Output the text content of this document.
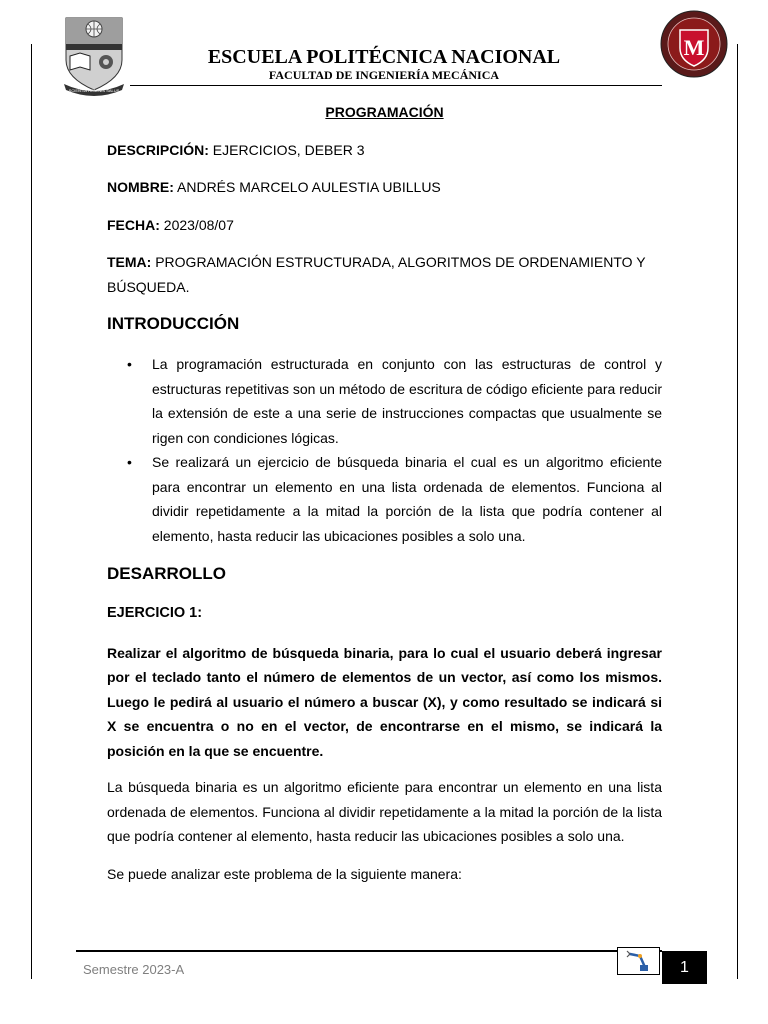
SCIENTIA HOMINIS SALUS
ESCUELA POLITÉCNICA NACIONAL
FACULTAD DE INGENIERÍA MECÁNICA
M

PROGRAMACIÓN

DESCRIPCIÓN: EJERCICIOS, DEBER 3

NOMBRE: ANDRÉS MARCELO AULESTIA UBILLUS

FECHA: 2023/08/07

TEMA: PROGRAMACIÓN ESTRUCTURADA, ALGORITMOS DE ORDENAMIENTO Y BÚSQUEDA.

INTRODUCCIÓN

• La programación estructurada en conjunto con las estructuras de control y estructuras repetitivas son un método de escritura de código eficiente para reducir la extensión de este a una serie de instrucciones compactas que usualmente se rigen con condiciones lógicas.
• Se realizará un ejercicio de búsqueda binaria el cual es un algoritmo eficiente para encontrar un elemento en una lista ordenada de elementos. Funciona al dividir repetidamente a la mitad la porción de la lista que podría contener al elemento, hasta reducir las ubicaciones posibles a solo una.

DESARROLLO

EJERCICIO 1:

Realizar el algoritmo de búsqueda binaria, para lo cual el usuario deberá ingresar por el teclado tanto el número de elementos de un vector, así como los mismos. Luego le pedirá al usuario el número a buscar (X), y como resultado se indicará si X se encuentra o no en el vector, de encontrarse en el mismo, se indicará la posición en la que se encuentre.

La búsqueda binaria es un algoritmo eficiente para encontrar un elemento en una lista ordenada de elementos. Funciona al dividir repetidamente a la mitad la porción de la lista que podría contener al elemento, hasta reducir las ubicaciones posibles a solo una.

Se puede analizar este problema de la siguiente manera:

Semestre 2023-A	1
